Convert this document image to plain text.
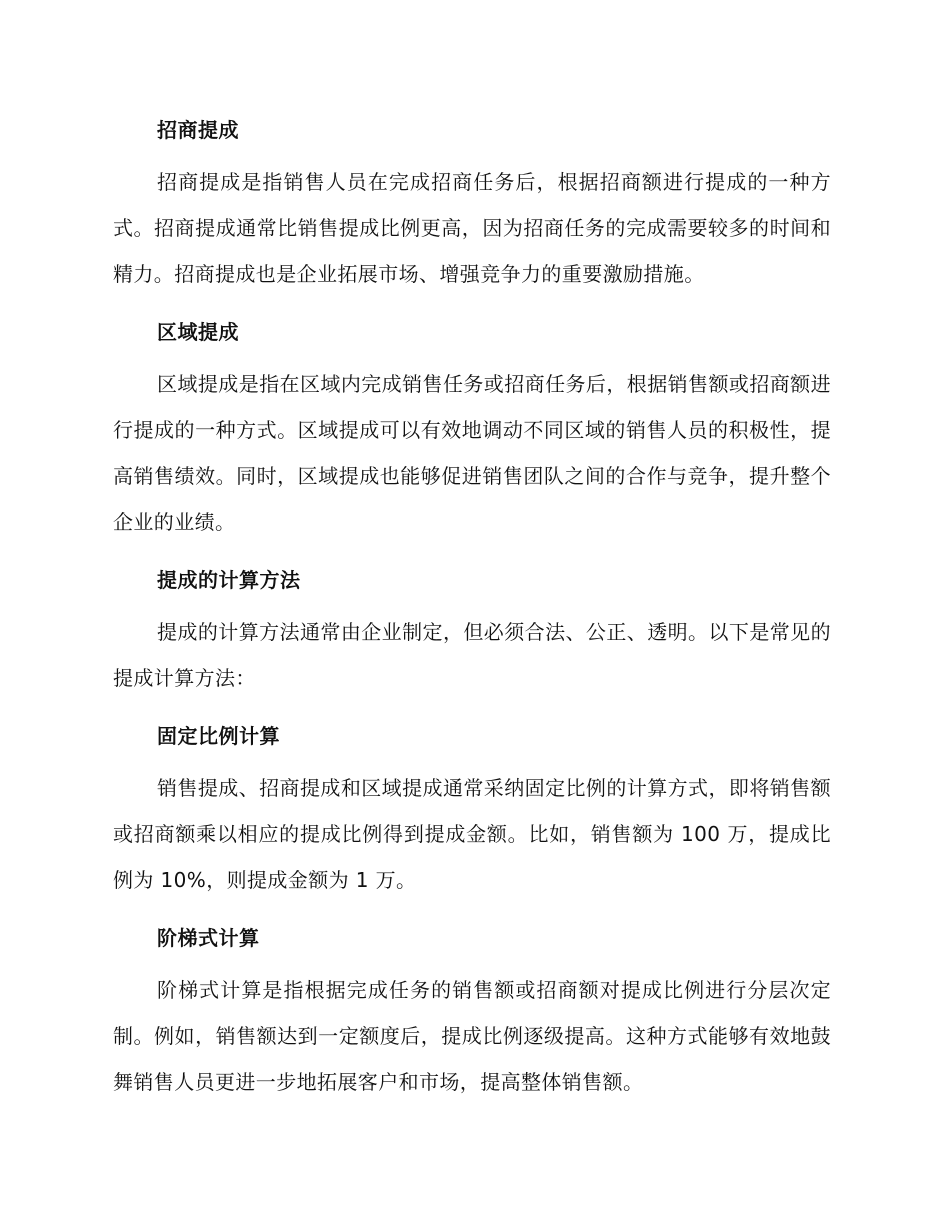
招商提成

招商提成是指销售人员在完成招商任务后，根据招商额进行提成的一种方式。招商提成通常比销售提成比例更高，因为招商任务的完成需要较多的时间和精力。招商提成也是企业拓展市场、增强竞争力的重要激励措施。

区域提成

区域提成是指在区域内完成销售任务或招商任务后，根据销售额或招商额进行提成的一种方式。区域提成可以有效地调动不同区域的销售人员的积极性，提高销售绩效。同时，区域提成也能够促进销售团队之间的合作与竞争，提升整个企业的业绩。

提成的计算方法

提成的计算方法通常由企业制定，但必须合法、公正、透明。以下是常见的提成计算方法：

固定比例计算

销售提成、招商提成和区域提成通常采纳固定比例的计算方式，即将销售额或招商额乘以相应的提成比例得到提成金额。比如，销售额为 100 万，提成比例为 10%，则提成金额为 1 万。

阶梯式计算

阶梯式计算是指根据完成任务的销售额或招商额对提成比例进行分层次定制。例如，销售额达到一定额度后，提成比例逐级提高。这种方式能够有效地鼓舞销售人员更进一步地拓展客户和市场，提高整体销售额。
